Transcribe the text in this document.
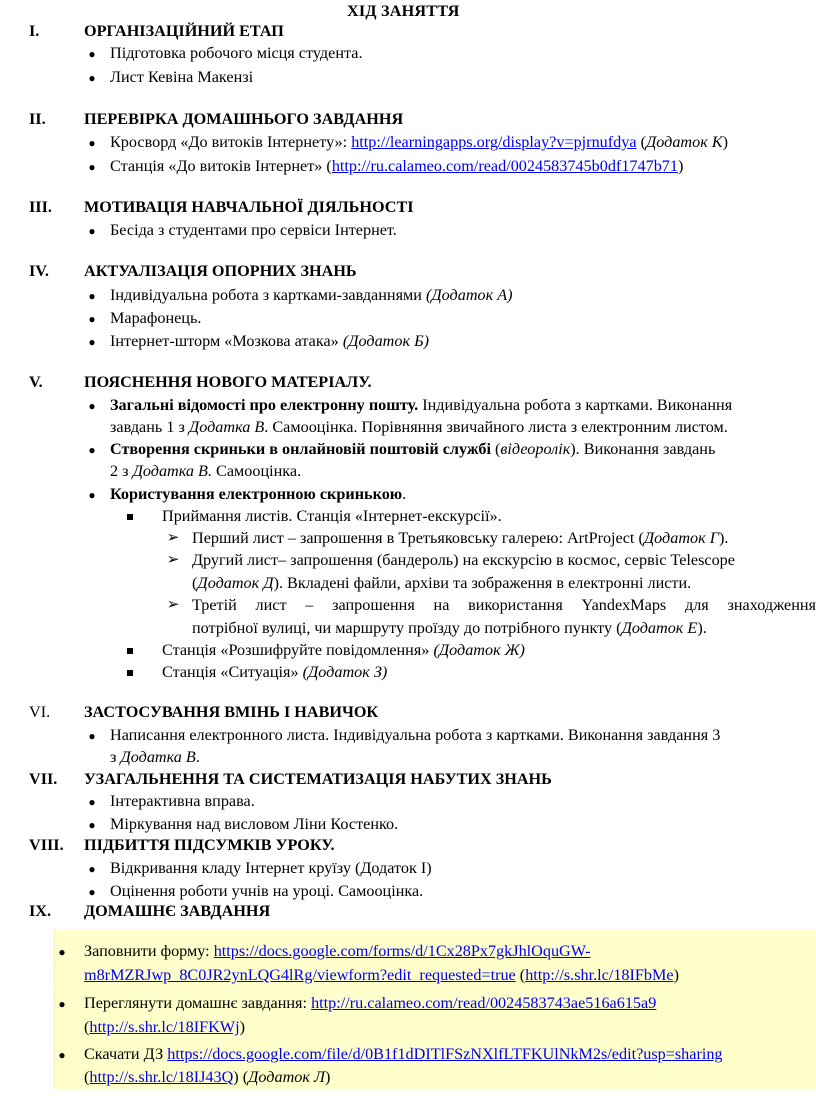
ХІД ЗАНЯТТЯ
I.	ОРГАНІЗАЦІЙНИЙ ЕТАП
● Підготовка робочого місця студента.
● Лист Кевіна Макензі
II. ПЕРЕВІРКА ДОМАШНЬОГО ЗАВДАННЯ
● Кросворд «До витоків Інтернету»: http://learningapps.org/display?v=pjrnufdya (Додаток К)
● Станція «До витоків Інтернет» (http://ru.calameo.com/read/0024583745b0df1747b71)
III. МОТИВАЦІЯ НАВЧАЛЬНОЇ ДІЯЛЬНОСТІ
● Бесіда з студентами про сервіси Інтернет.
IV. АКТУАЛІЗАЦІЯ ОПОРНИХ ЗНАНЬ
● Індивідуальна робота з картками-завданнями (Додаток А)
● Марафонець.
● Інтернет-шторм «Мозкова атака» (Додаток Б)
V.	ПОЯСНЕННЯ НОВОГО МАТЕРІАЛУ.
● Загальні відомості про електронну пошту. Індивідуальна робота з картками. Виконання
завдань 1 з Додатка В. Самооцінка. Порівняння звичайного листа з електронним листом.
● Створення скриньки в онлайновій поштовій службі (відеоролік). Виконання завдань
2 з Додатка В. Самооцінка.
● Користування електронною скринькою.
Приймання листів. Станція «Інтернет-екскурсії».
➢ Перший лист – запрошення в Третьяковську галерею: ArtProject (Додаток Г).
➢ Другий лист– запрошення (бандероль) на екскурсію в космос, сервіс Telescope
(Додаток Д). Вкладені файли, архіви та зображення в електронні листи.
➢ Третій лист – запрошення на використання YandexMaps для знаходження
потрібної вулиці, чи маршруту проїзду до потрібного пункту (Додаток Е).
Станція «Розшифруйте повідомлення» (Додаток Ж)
Станція «Ситуація» (Додаток З)
VI. ЗАСТОСУВАННЯ ВМІНЬ І НАВИЧОК
● Написання електронного листа. Індивідуальна робота з картками. Виконання завдання 3
з Додатка В.
VII. УЗАГАЛЬНЕННЯ ТА СИСТЕМАТИЗАЦІЯ НАБУТИХ ЗНАНЬ
● Інтерактивна вправа.
● Міркування над висловом Ліни Костенко.
VIII. ПІДБИТТЯ ПІДСУМКІВ УРОКУ.
● Відкривання кладу Інтернет круїзу (Додаток І)
● Оцінення роботи учнів на уроці. Самооцінка.
IX. ДОМАШНЄ ЗАВДАННЯ
● Заповнити форму: https://docs.google.com/forms/d/1Cx28Px7gkJhlOquGW-
m8rMZRJwp_8C0JR2ynLQG4lRg/viewform?edit_requested=true (http://s.shr.lc/18IFbMe)
● Переглянути домашнє завдання: http://ru.calameo.com/read/0024583743ae516a615a9
(http://s.shr.lc/18IFKWj)
● Скачати ДЗ https://docs.google.com/file/d/0B1f1dDITlFSzNXlfLTFKUlNkM2s/edit?usp=sharing
(http://s.shr.lc/18IJ43Q) (Додаток Л)
